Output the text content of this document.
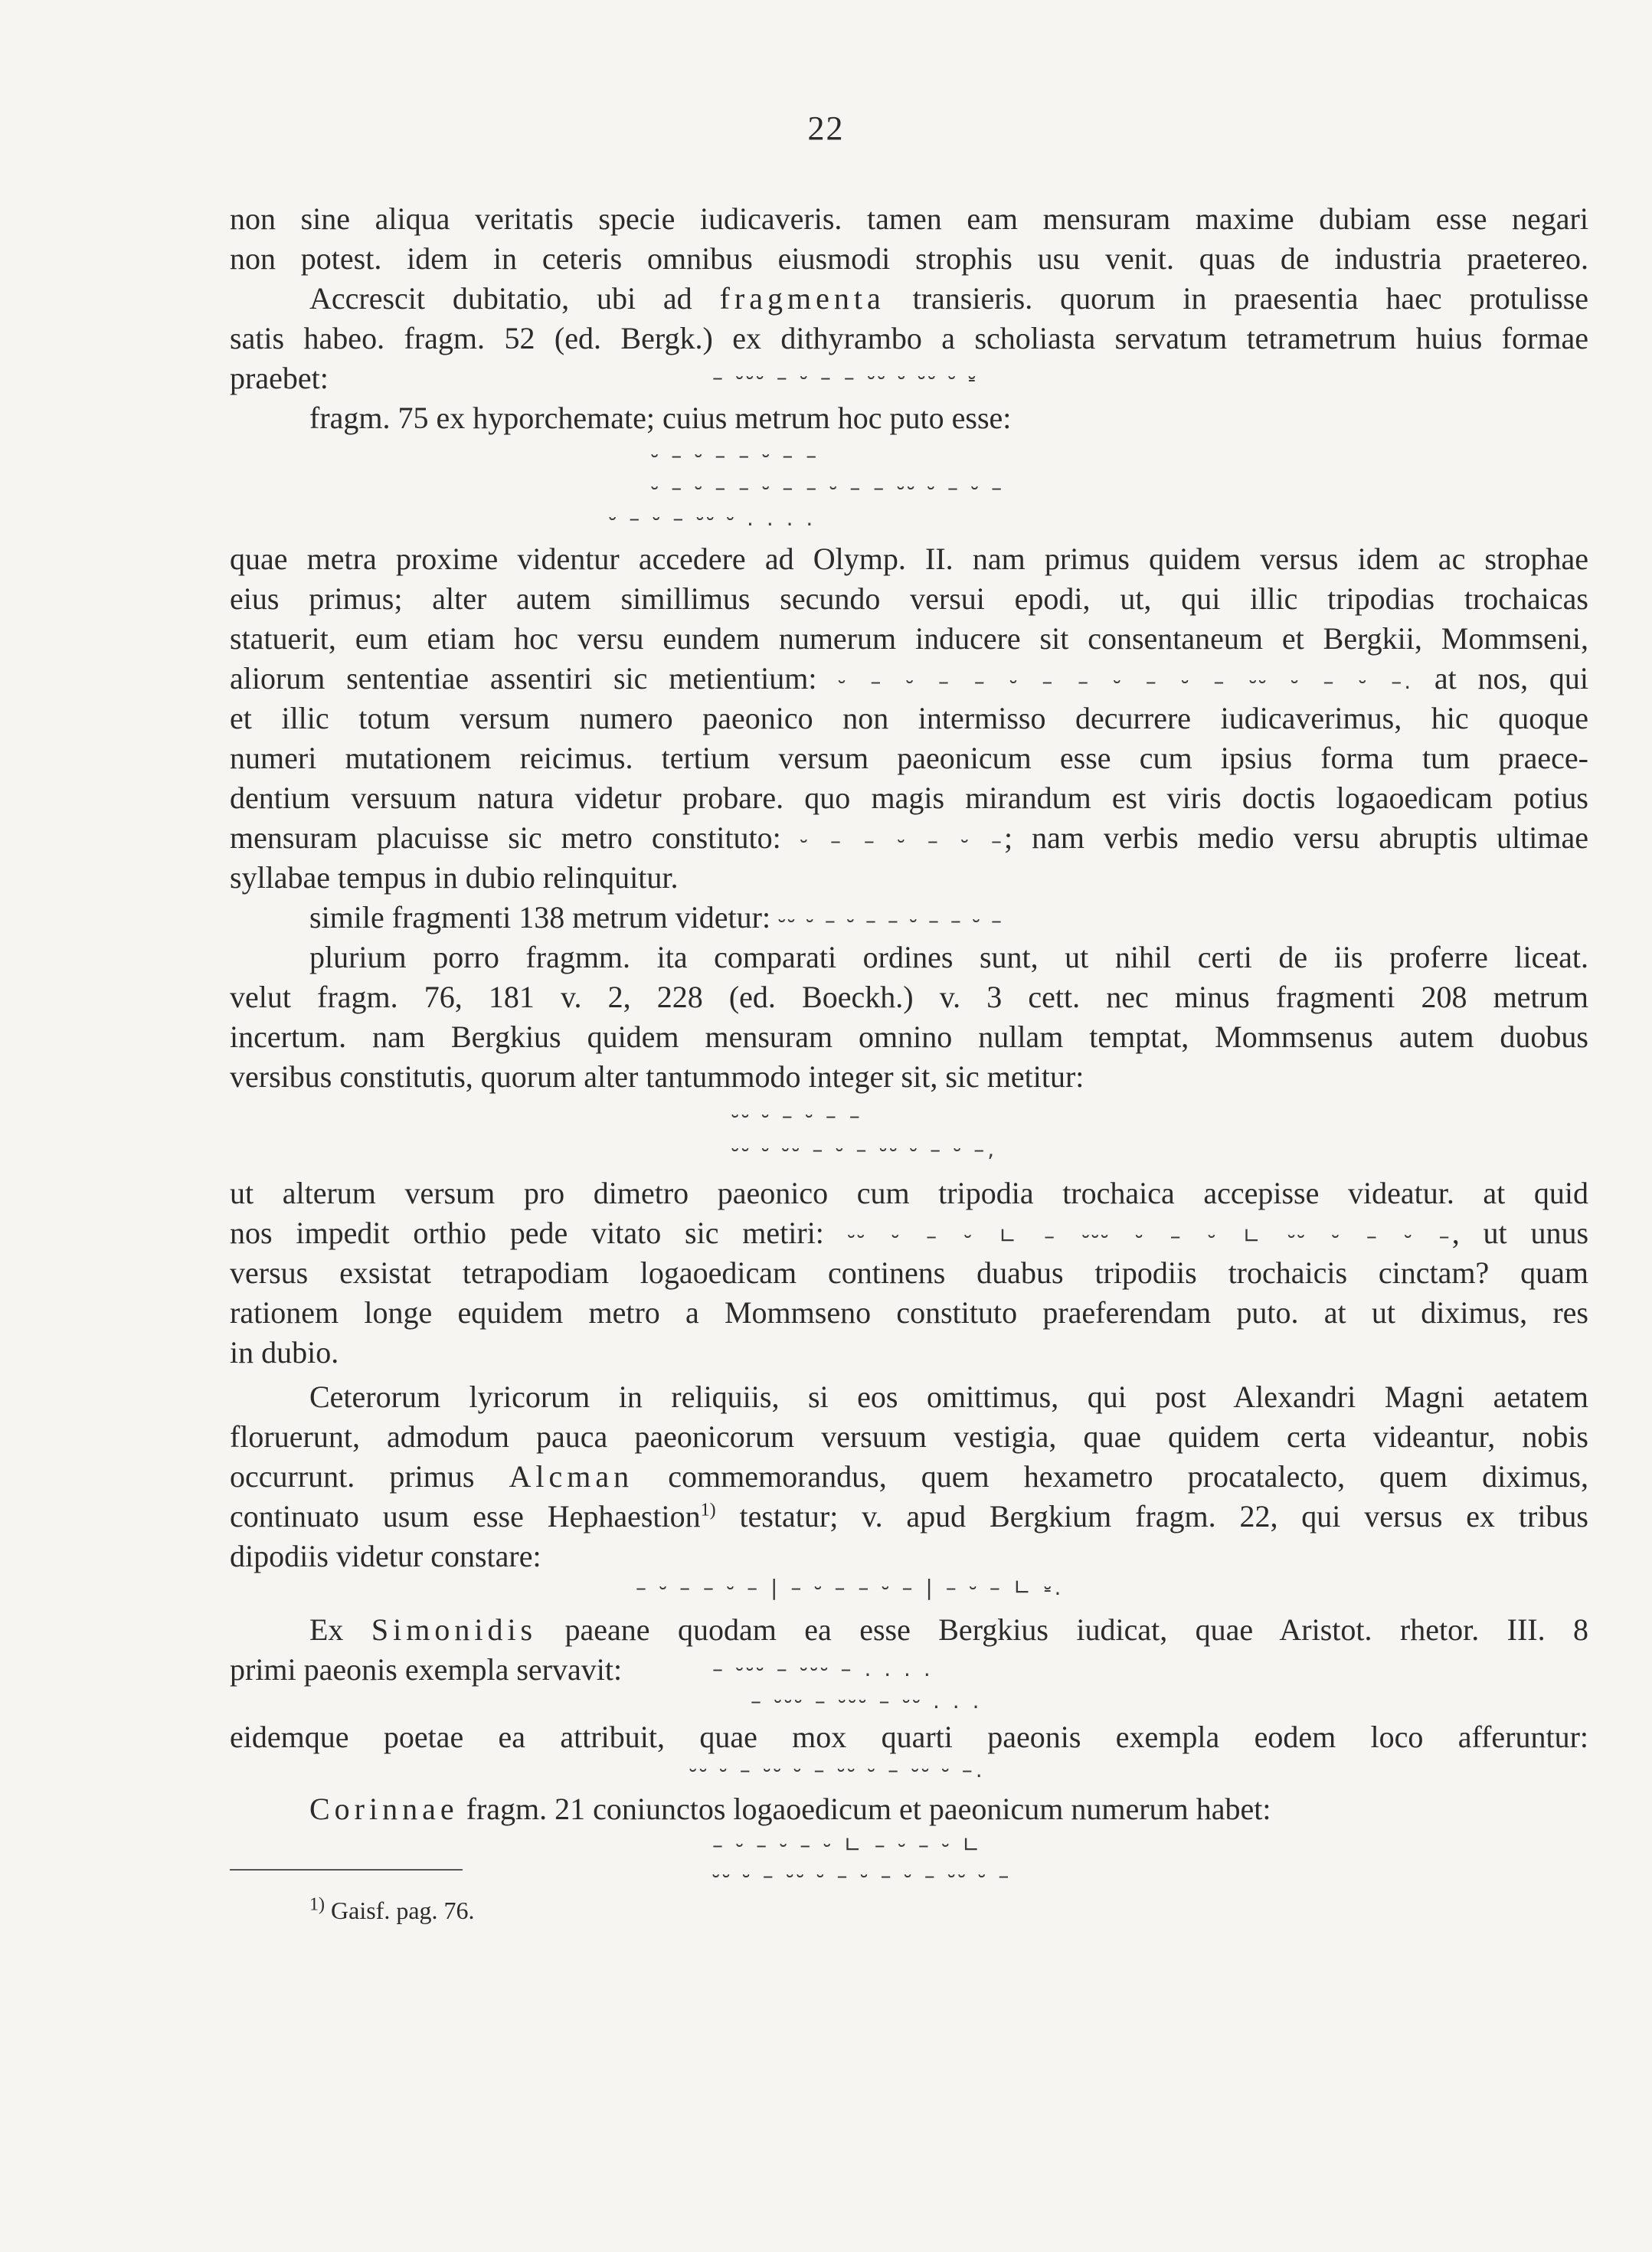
22
non sine aliqua veritatis specie iudicaveris. tamen eam mensuram maxime dubiam esse negari
non potest. idem in ceteris omnibus eiusmodi strophis usu venit. quas de industria praetereo.
Accrescit dubitatio, ubi ad fragmenta transieris. quorum in praesentia haec protulisse
satis habeo. fragm. 52 (ed. Bergk.) ex dithyrambo a scholiasta servatum tetrametrum huius formae
praebet:	– ⏑⏑⏑ – ⏑ – – ⏑⏑ ⏑ ⏑⏑ ⏑ ⏓
fragm. 75 ex hyporchemate; cuius metrum hoc puto esse:
⏑ – ⏑ – – ⏑ – –
⏑ – ⏑ – – ⏑ – – ⏑ – – ⏑⏑ ⏑ – ⏑ –
⏑ – ⏑ – ⏑⏑ ⏑ . . . .
quae metra proxime videntur accedere ad Olymp. II. nam primus quidem versus idem ac strophae
eius primus; alter autem simillimus secundo versui epodi, ut, qui illic tripodias trochaicas
statuerit, eum etiam hoc versu eundem numerum inducere sit consentaneum et Bergkii, Mommseni,
aliorum sententiae assentiri sic metientium: ⏑ – ⏑ – – ⏑ – – ⏑ – ⏑ – ⏑⏑ ⏑ – ⏑ –. at nos, qui
et illic totum versum numero paeonico non intermisso decurrere iudicaverimus, hic quoque
numeri mutationem reicimus. tertium versum paeonicum esse cum ipsius forma tum praece-
dentium versuum natura videtur probare. quo magis mirandum est viris doctis logaoedicam potius
mensuram placuisse sic metro constituto: ⏑ – – ⏑ – ⏑ –; nam verbis medio versu abruptis ultimae
syllabae tempus in dubio relinquitur.
simile fragmenti 138 metrum videtur: ⏑⏑ ⏑ – ⏑ – – ⏑ – – ⏑ –
plurium porro fragmm. ita comparati ordines sunt, ut nihil certi de iis proferre liceat.
velut fragm. 76, 181 v. 2, 228 (ed. Boeckh.) v. 3 cett. nec minus fragmenti 208 metrum
incertum. nam Bergkius quidem mensuram omnino nullam temptat, Mommsenus autem duobus
versibus constitutis, quorum alter tantummodo integer sit, sic metitur:
⏑⏑ ⏑ – ⏑ – –
⏑⏑ ⏑ ⏑⏑ – ⏑ – ⏑⏑ ⏑ – ⏑ –,
ut alterum versum pro dimetro paeonico cum tripodia trochaica accepisse videatur. at quid
nos impedit orthio pede vitato sic metiri: ⏑⏑ ⏑ – ⏑ ∟ – ⏑⏑⏑ ⏑ – ⏑ ∟ ⏑⏑ ⏑ – ⏑ –, ut unus
versus exsistat tetrapodiam logaoedicam continens duabus tripodiis trochaicis cinctam? quam
rationem longe equidem metro a Mommseno constituto praeferendam puto. at ut diximus, res
in dubio.
Ceterorum lyricorum in reliquiis, si eos omittimus, qui post Alexandri Magni aetatem
floruerunt, admodum pauca paeonicorum versuum vestigia, quae quidem certa videantur, nobis
occurrunt. primus Alcman commemorandus, quem hexametro procatalecto, quem diximus,
continuato usum esse Hephaestion$^{1)}$ testatur; v. apud Bergkium fragm. 22, qui versus ex tribus
dipodiis videtur constare:
– ⏑ – – ⏑ – | – ⏑ – – ⏑ – | – ⏑ – ∟ ⏓.
Ex Simonidis paeane quodam ea esse Bergkius iudicat, quae Aristot. rhetor. III. 8
primi paeonis exempla servavit:	– ⏑⏑⏑ – ⏑⏑⏑ – . . . .
– ⏑⏑⏑ – ⏑⏑⏑ – ⏑⏑ . . .
eidemque poetae ea attribuit, quae mox quarti paeonis exempla eodem loco afferuntur:
⏑⏑ ⏑ – ⏑⏑ ⏑ – ⏑⏑ ⏑ – ⏑⏑ ⏑ –.
Corinnae fragm. 21 coniunctos logaoedicum et paeonicum numerum habet:
– ⏑ – ⏑ – ⏑ ∟ – ⏑ – ⏑ ∟
⏑⏑ ⏑ – ⏑⏑ ⏑ – ⏑ – ⏑ – ⏑⏑ ⏑ –
$^{1)}$ Gaisf. pag. 76.
